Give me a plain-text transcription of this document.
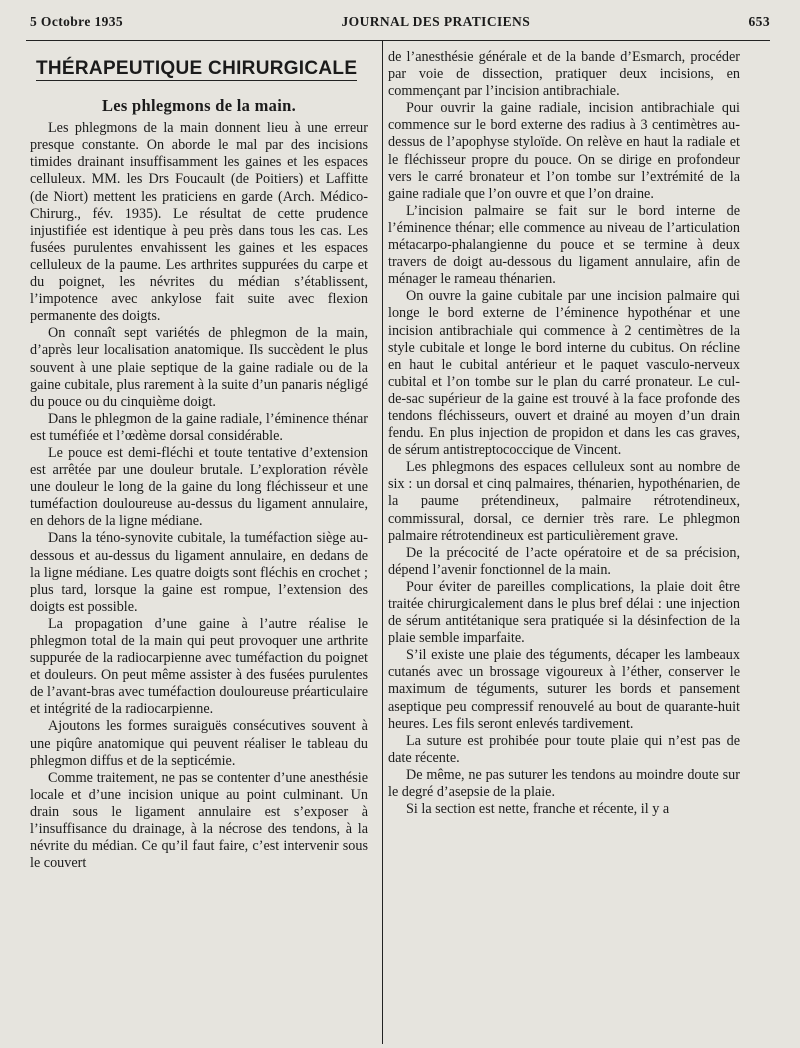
5 Octobre 1935	JOURNAL DES PRATICIENS	653
THÉRAPEUTIQUE CHIRURGICALE
Les phlegmons de la main.

Les phlegmons de la main donnent lieu à une erreur presque constante. On aborde le mal par des incisions timides drainant insuffisamment les gaines et les espaces celluleux. MM. les Drs Foucault (de Poitiers) et Laffitte (de Niort) mettent les praticiens en garde (Arch. Médico-Chirurg., fév. 1935). Le résultat de cette prudence injustifiée est identique à peu près dans tous les cas. Les fusées purulentes envahissent les gaines et les espaces celluleux de la paume. Les arthrites suppurées du carpe et du poignet, les névrites du médian s’établissent, l’impotence avec ankylose fait suite avec flexion permanente des doigts.

On connaît sept variétés de phlegmon de la main, d’après leur localisation anatomique. Ils succèdent le plus souvent à une plaie septique de la gaine radiale ou de la gaine cubitale, plus rarement à la suite d’un panaris négligé du pouce ou du cinquième doigt.

Dans le phlegmon de la gaine radiale, l’éminence thénar est tuméfiée et l’œdème dorsal considérable.

Le pouce est demi-fléchi et toute tentative d’extension est arrêtée par une douleur brutale. L’exploration révèle une douleur le long de la gaine du long fléchisseur et une tuméfaction douloureuse au-dessus du ligament annulaire, en dehors de la ligne médiane.

Dans la téno-synovite cubitale, la tuméfaction siège au-dessous et au-dessus du ligament annulaire, en dedans de la ligne médiane. Les quatre doigts sont fléchis en crochet ; plus tard, lorsque la gaine est rompue, l’extension des doigts est possible.

La propagation d’une gaine à l’autre réalise le phlegmon total de la main qui peut provoquer une arthrite suppurée de la radiocarpienne avec tuméfaction du poignet et douleurs. On peut même assister à des fusées purulentes de l’avant-bras avec tuméfaction douloureuse préarticulaire et intégrité de la radiocarpienne.

Ajoutons les formes suraiguës consécutives souvent à une piqûre anatomique qui peuvent réaliser le tableau du phlegmon diffus et de la septicémie.

Comme traitement, ne pas se contenter d’une anesthésie locale et d’une incision unique au point culminant. Un drain sous le ligament annulaire est s’exposer à l’insuffisance du drainage, à la nécrose des tendons, à la névrite du médian. Ce qu’il faut faire, c’est intervenir sous le couvert

de l’anesthésie générale et de la bande d’Esmarch, procéder par voie de dissection, pratiquer deux incisions, en commençant par l’incision antibrachiale.

Pour ouvrir la gaine radiale, incision antibrachiale qui commence sur le bord externe des radius à 3 centimètres au-dessus de l’apophyse styloïde. On relève en haut la radiale et le fléchisseur propre du pouce. On se dirige en profondeur vers le carré bronateur et l’on tombe sur l’extrémité de la gaine radiale que l’on ouvre et que l’on draine.

L’incision palmaire se fait sur le bord interne de l’éminence thénar; elle commence au niveau de l’articulation métacarpo-phalangienne du pouce et se termine à deux travers de doigt au-dessous du ligament annulaire, afin de ménager le rameau thénarien.

On ouvre la gaine cubitale par une incision palmaire qui longe le bord externe de l’éminence hypothénar et une incision antibrachiale qui commence à 2 centimètres de la style cubitale et longe le bord interne du cubitus. On récline en haut le cubital antérieur et le paquet vasculo-nerveux cubital et l’on tombe sur le plan du carré pronateur. Le cul-de-sac supérieur de la gaine est trouvé à la face profonde des tendons fléchisseurs, ouvert et drainé au moyen d’un drain fendu. En plus injection de propidon et dans les cas graves, de sérum antistreptococcique de Vincent.

Les phlegmons des espaces celluleux sont au nombre de six : un dorsal et cinq palmaires, thénarien, hypothénarien, de la paume prétendineux, palmaire rétrotendineux, commissural, dorsal, ce dernier très rare. Le phlegmon palmaire rétrotendineux est particulièrement grave.

De la précocité de l’acte opératoire et de sa précision, dépend l’avenir fonctionnel de la main.

Pour éviter de pareilles complications, la plaie doit être traitée chirurgicalement dans le plus bref délai : une injection de sérum antitétanique sera pratiquée si la désinfection de la plaie semble imparfaite.

S’il existe une plaie des téguments, décaper les lambeaux cutanés avec un brossage vigoureux à l’éther, conserver le maximum de téguments, suturer les bords et pansement aseptique peu compressif renouvelé au bout de quarante-huit heures. Les fils seront enlevés tardivement.

La suture est prohibée pour toute plaie qui n’est pas de date récente.

De même, ne pas suturer les tendons au moindre doute sur le degré d’asepsie de la plaie.

Si la section est nette, franche et récente, il y a
